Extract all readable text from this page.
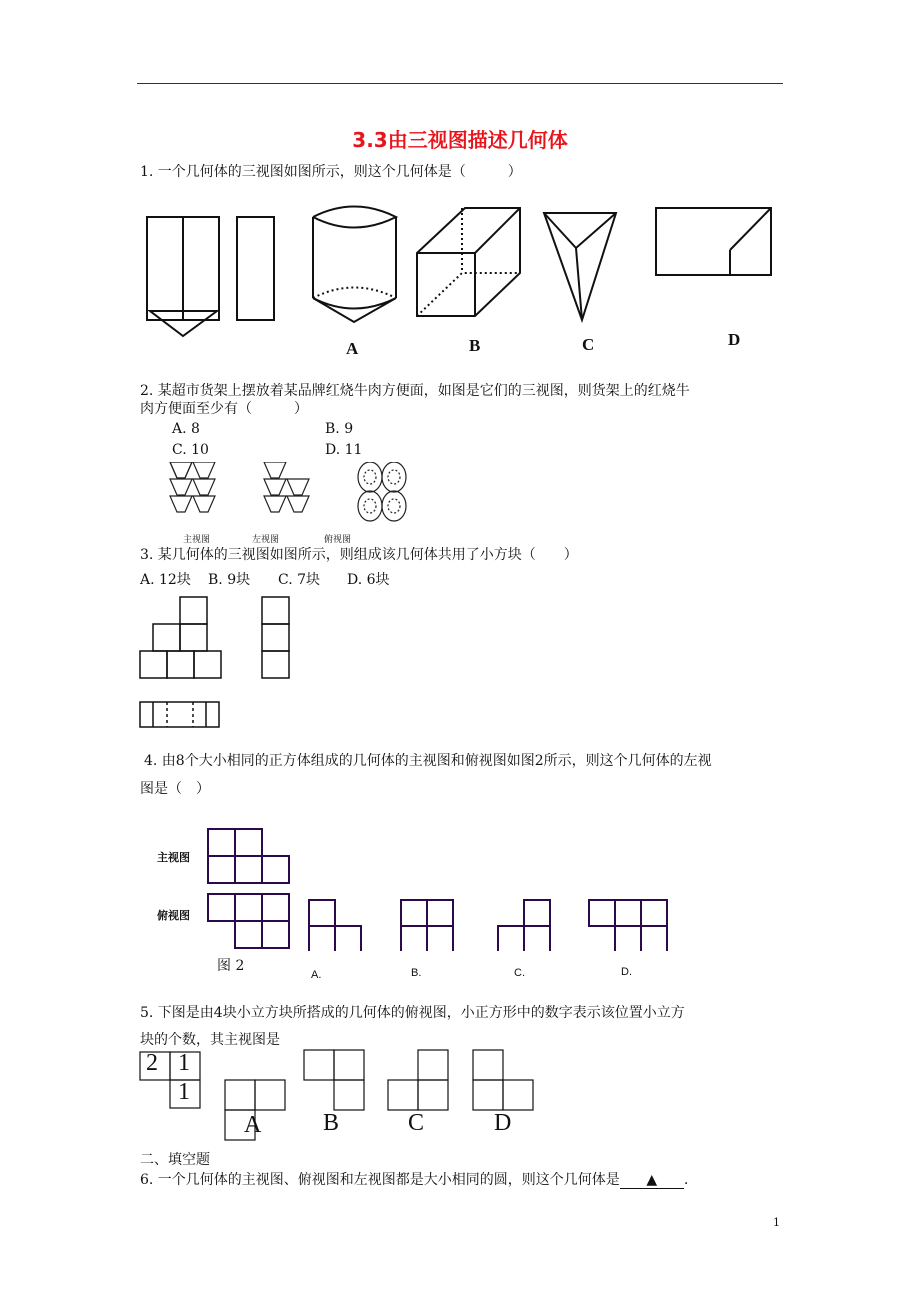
3.3由三视图描述几何体
1. 一个几何体的三视图如图所示，则这个几何体是（　　　）
A	B	C	D
2. 某超市货架上摆放着某品牌红烧牛肉方便面，如图是它们的三视图，则货架上的红烧牛
肉方便面至少有（　　　）
A. 8	B. 9
C. 10	D. 11
主视图	左视图	俯视图
3. 某几何体的三视图如图所示，则组成该几何体共用了小方块（　　）
A. 12块 B. 9块 C. 7块 D. 6块
4. 由8个大小相同的正方体组成的几何体的主视图和俯视图如图2所示，则这个几何体的左视
图是（　）
主视图
俯视图
图 2
A.	B.	C.	D.
5. 下图是由4块小立方块所搭成的几何体的俯视图，小正方形中的数字表示该位置小立方
块的个数，其主视图是
2 1
1
A	B	C	D
二、填空题
6. 一个几何体的主视图、俯视图和左视图都是大小相同的圆，则这个几何体是 ▲ .
1
